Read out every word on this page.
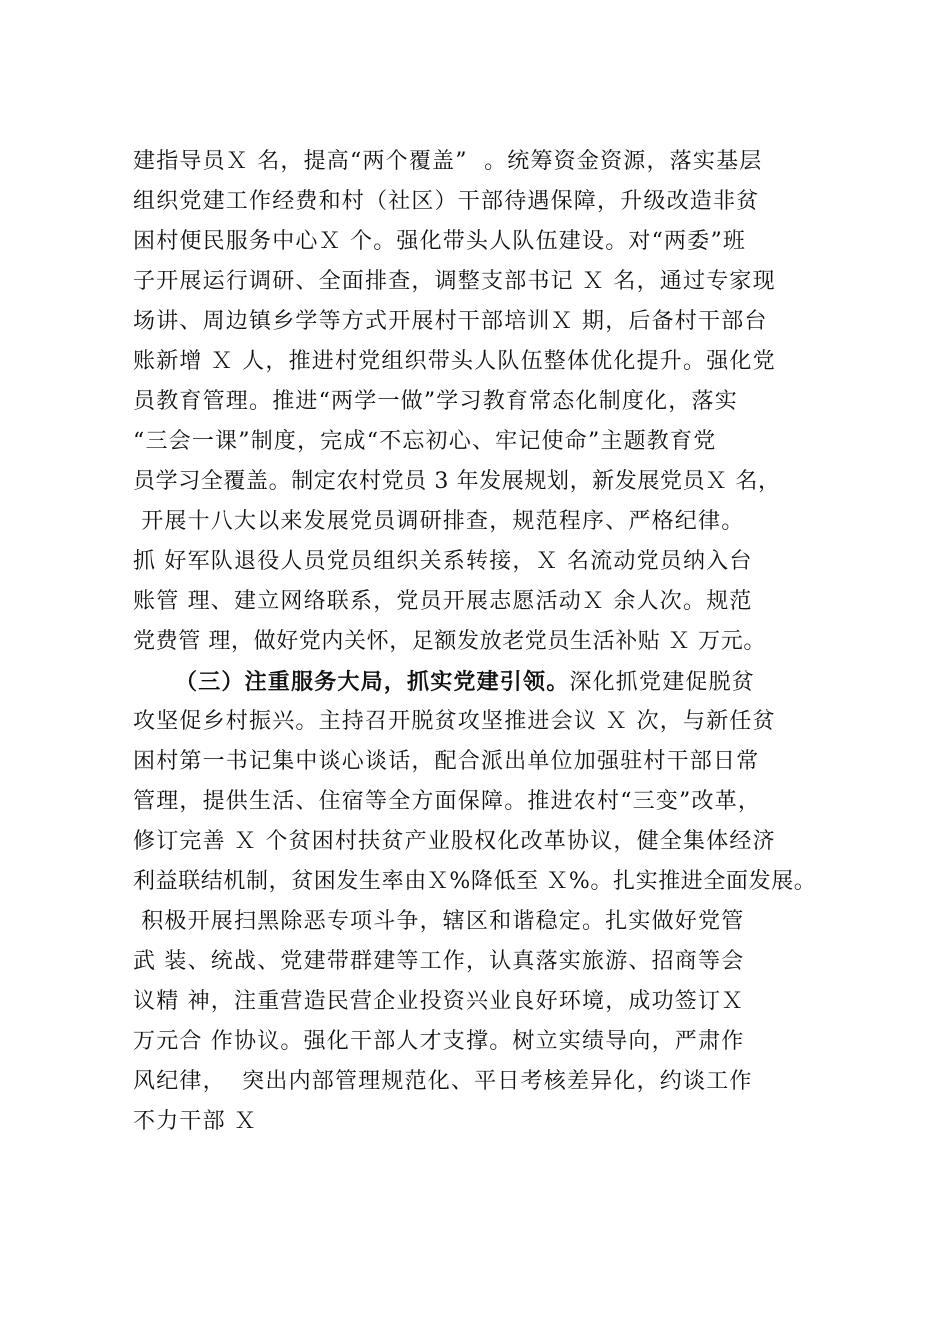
建指导员Ｘ 名，提高“两个覆盖”  。统筹资金资源，落实基层
组织党建工作经费和村（社区）干部待遇保障，升级改造非贫
困村便民服务中心Ｘ 个。强化带头人队伍建设。对“两委”班
子开展运行调研、全面排查，调整支部书记 Ｘ 名，通过专家现
场讲、周边镇乡学等方式开展村干部培训Ｘ 期，后备村干部台
账新增 Ｘ 人，推进村党组织带头人队伍整体优化提升。强化党
员教育管理。推进“两学一做”学习教育常态化制度化，落实
“三会一课”制度，完成“不忘初心、牢记使命”主题教育党
员学习全覆盖。制定农村党员 3 年发展规划，新发展党员Ｘ 名，
开展十八大以来发展党员调研排查，规范程序、严格纪律。
抓 好军队退役人员党员组织关系转接，Ｘ 名流动党员纳入台
账管 理、建立网络联系，党员开展志愿活动Ｘ 余人次。规范
党费管 理，做好党内关怀，足额发放老党员生活补贴 Ｘ 万元。
（三）注重服务大局，抓实党建引领。深化抓党建促脱贫
攻坚促乡村振兴。主持召开脱贫攻坚推进会议 Ｘ 次，与新任贫
困村第一书记集中谈心谈话，配合派出单位加强驻村干部日常
管理，提供生活、住宿等全方面保障。推进农村“三变”改革，
修订完善 Ｘ 个贫困村扶贫产业股权化改革协议，健全集体经济
利益联结机制，贫困发生率由Ｘ%降低至 Ｘ%。扎实推进全面发展。
积极开展扫黑除恶专项斗争，辖区和谐稳定。扎实做好党管
武 装、统战、党建带群建等工作，认真落实旅游、招商等会
议精 神，注重营造民营企业投资兴业良好环境，成功签订Ｘ
万元合 作协议。强化干部人才支撑。树立实绩导向，严肃作
风纪律，  突出内部管理规范化、平日考核差异化，约谈工作
不力干部 Ｘ
